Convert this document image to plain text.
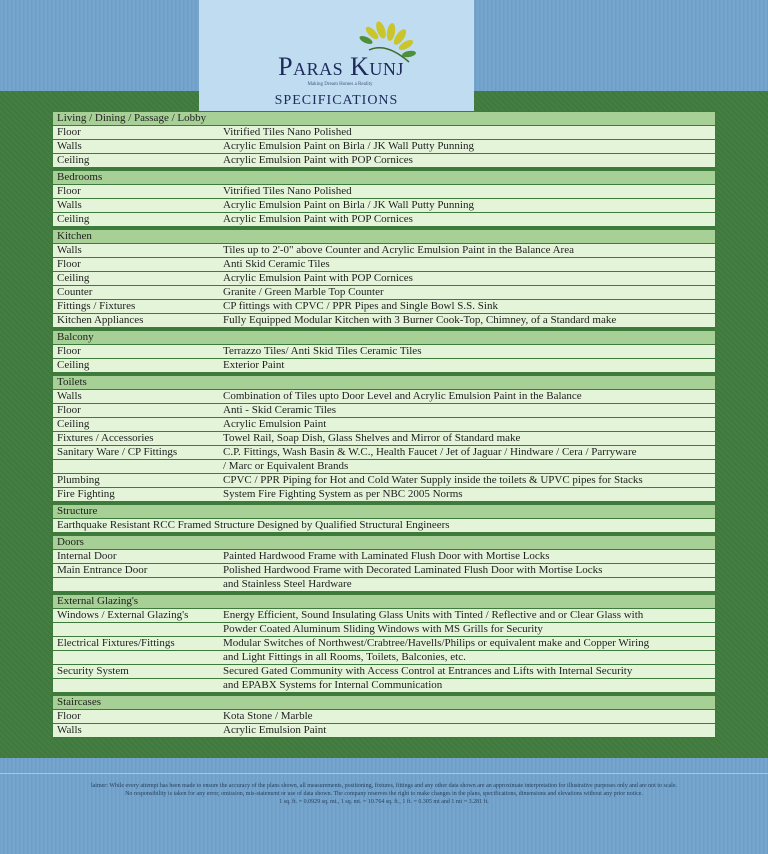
Paras Kunj
Making Dream Homes a Reality
SPECIFICATIONS
Living / Dining / Passage / Lobby
Floor	Vitrified Tiles Nano Polished
Walls	Acrylic Emulsion Paint on Birla / JK Wall Putty Punning
Ceiling	Acrylic Emulsion Paint with POP Cornices
Bedrooms
Floor	Vitrified Tiles Nano Polished
Walls	Acrylic Emulsion Paint on Birla / JK Wall Putty Punning
Ceiling	Acrylic Emulsion Paint with POP Cornices
Kitchen
Walls	Tiles up to 2'-0" above Counter and Acrylic Emulsion Paint in the Balance Area
Floor	Anti Skid Ceramic Tiles
Ceiling	Acrylic Emulsion Paint with POP Cornices
Counter	Granite / Green Marble Top Counter
Fittings / Fixtures	CP fittings with CPVC / PPR Pipes and Single Bowl S.S. Sink
Kitchen Appliances	Fully Equipped Modular Kitchen with 3 Burner Cook-Top, Chimney, of a Standard make
Balcony
Floor	Terrazzo Tiles/ Anti Skid Tiles Ceramic Tiles
Ceiling	Exterior Paint
Toilets
Walls	Combination of Tiles upto Door Level and Acrylic Emulsion Paint in the Balance
Floor	Anti - Skid Ceramic Tiles
Ceiling	Acrylic Emulsion Paint
Fixtures / Accessories	Towel Rail, Soap Dish, Glass Shelves and Mirror of Standard make
Sanitary Ware / CP Fittings	C.P. Fittings, Wash Basin & W.C., Health Faucet / Jet of Jaguar / Hindware / Cera / Parryware
/ Marc or Equivalent Brands
Plumbing	CPVC / PPR Piping for Hot and Cold Water Supply inside the toilets & UPVC pipes for Stacks
Fire Fighting	System Fire Fighting System as per NBC 2005 Norms
Structure
Earthquake Resistant RCC Framed Structure Designed by Qualified Structural Engineers
Doors
Internal Door	Painted Hardwood Frame with Laminated Flush Door with Mortise Locks
Main Entrance Door	Polished Hardwood Frame with Decorated Laminated Flush Door with Mortise Locks
and Stainless Steel Hardware
External Glazing's
Windows / External Glazing's	Energy Efficient, Sound Insulating Glass Units with Tinted / Reflective and or Clear Glass with
Powder Coated Aluminum Sliding Windows with MS Grills for Security
Electrical Fixtures/Fittings	Modular Switches of Northwest/Crabtree/Havells/Philips or equivalent make and Copper Wiring
and Light Fittings in all Rooms, Toilets, Balconies, etc.
Security System	Secured Gated Community with Access Control at Entrances and Lifts with Internal Security
and EPABX Systems for Internal Communication
Staircases
Floor	Kota Stone / Marble
Walls	Acrylic Emulsion Paint
laimer: While every attempt has been made to ensure the accuracy of the plans shown, all measurements, positioning, fixtures, fittings and any other data shown are an approximate interpretation for illustrative purposes only and are not to scale.
No responsibility is taken for any error, omission, mis-statement or use of data shown. The company reserves the right to make changes in the plans, specifications, dimensions and elevations without any prior notice.
1 sq. ft. = 0.0929 sq. mt., 1 sq. mt. = 10.764 sq. ft., 1 ft. = 0.305 mt and 1 mt = 3.281 ft.
